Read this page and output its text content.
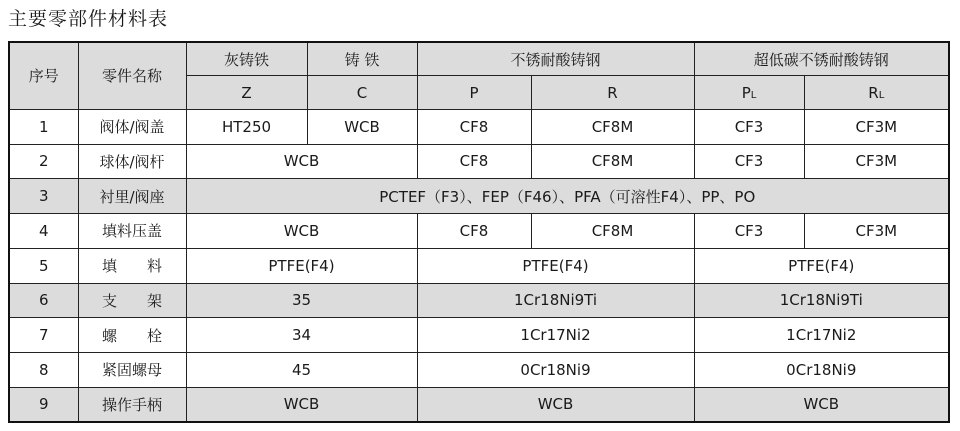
主要零部件材料表
序号	零件名称	灰铸铁	铸 铁	不锈耐酸铸钢		超低碳不锈耐酸铸钢	
		Z	C	P	R	PL	RL
1	阀体/阀盖	HT250	WCB	CF8	CF8M	CF3	CF3M
2	球体/阀杆	WCB		CF8	CF8M	CF3	CF3M
3	衬里/阀座	PCTEF（F3）、FEP（F46）、PFA（可溶性F4）、PP、PO					
4	填料压盖	WCB		CF8	CF8M	CF3	CF3M
5	填　　料	PTFE(F4)		PTFE(F4)		PTFE(F4)	
6	支　　架	35		1Cr18Ni9Ti		1Cr18Ni9Ti	
7	螺　　栓	34		1Cr17Ni2		1Cr17Ni2	
8	紧固螺母	45		0Cr18Ni9		0Cr18Ni9	
9	操作手柄	WCB		WCB		WCB	
